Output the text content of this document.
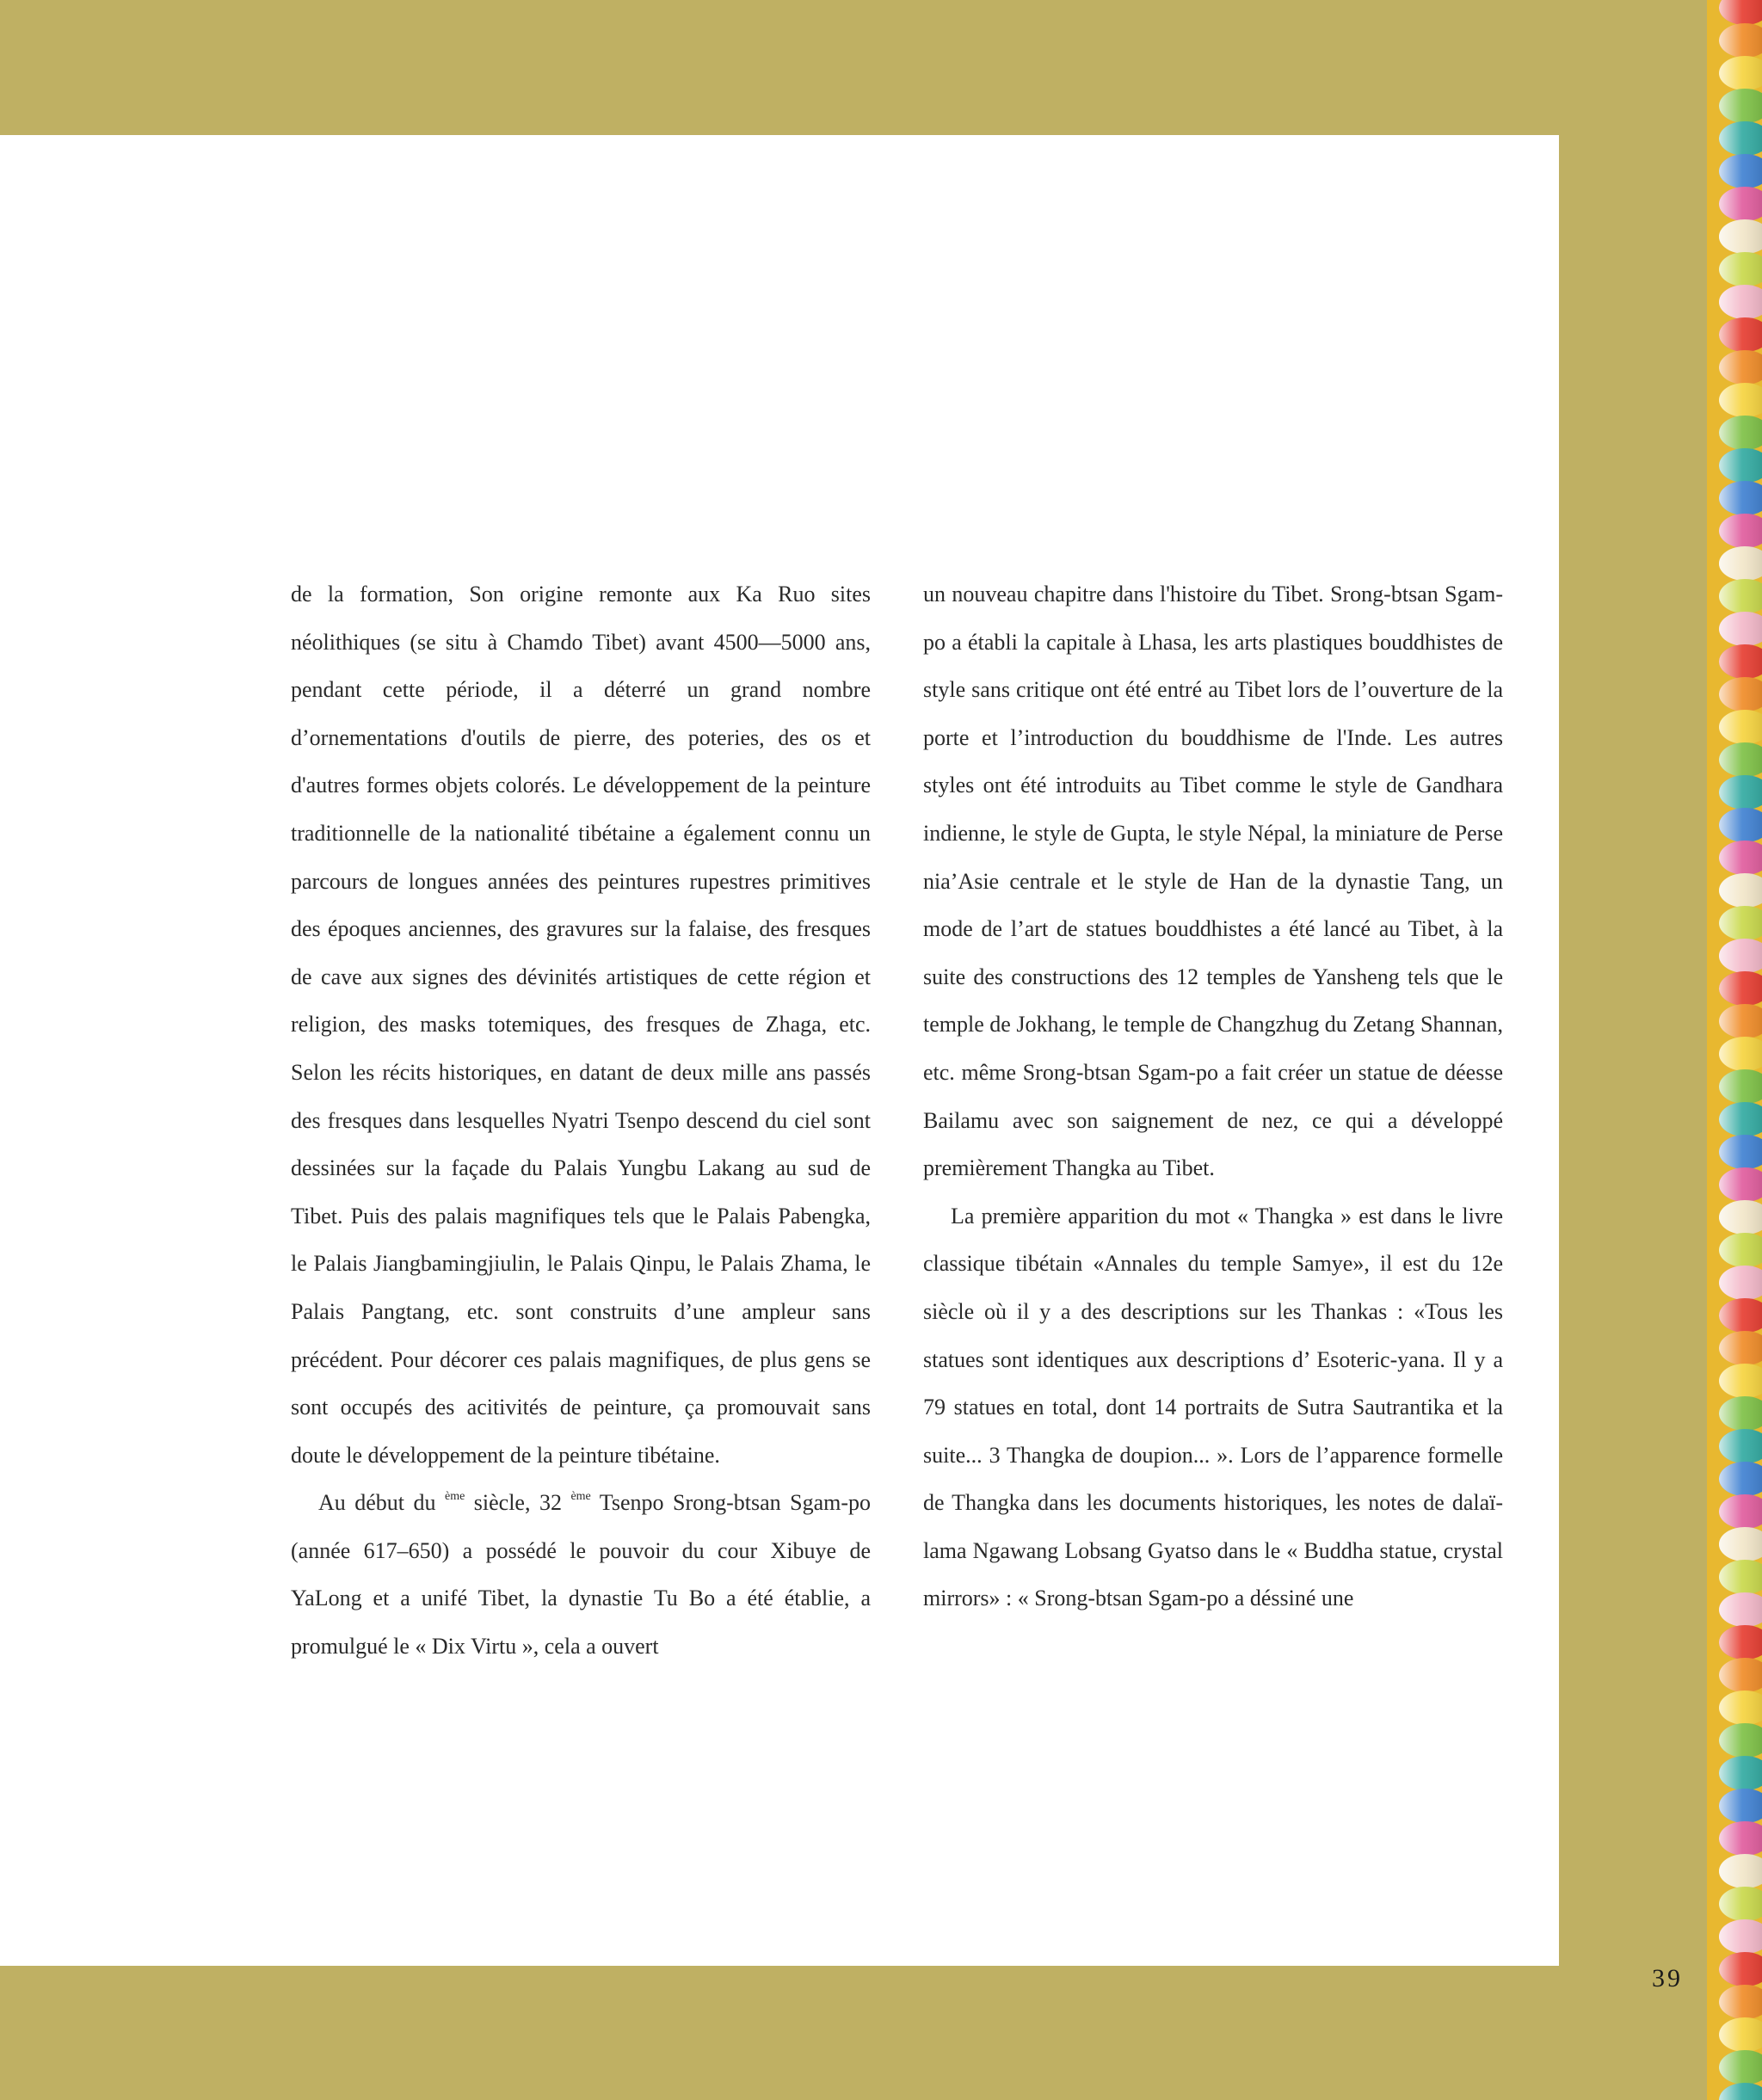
de la formation, Son origine remonte aux Ka Ruo sites néolithiques (se situ à Chamdo Tibet) avant 4500—5000 ans, pendant cette période, il a déterré un grand nombre d’ornementations d'outils de pierre, des poteries, des os et d'autres formes objets colorés. Le développement de la peinture traditionnelle de la nationalité tibétaine a également connu un parcours de longues années des peintures rupestres primitives des époques anciennes, des gravures sur la falaise, des fresques de cave aux signes des dévinités artistiques de cette région et religion, des masks totemiques, des fresques de Zhaga, etc. Selon les récits historiques, en datant de deux mille ans passés des fresques dans lesquelles Nyatri Tsenpo descend du ciel sont dessinées sur la façade du Palais Yungbu Lakang au sud de Tibet. Puis des palais magnifiques tels que le Palais Pabengka, le Palais Jiangbamingjiulin, le Palais Qinpu, le Palais Zhama, le Palais Pangtang, etc. sont construits d’une ampleur sans précédent. Pour décorer ces palais magnifiques, de plus gens se sont occupés des acitivités de peinture, ça promouvait sans doute le développement de la peinture tibétaine.

Au début du $^{ème}$ siècle, 32 $^{ème}$ Tsenpo Srong-btsan Sgam-po (année 617–650) a possédé le pouvoir du cour Xibuye de YaLong et a unifé Tibet, la dynastie Tu Bo a été établie, a promulgué le « Dix Virtu », cela a ouvert

un nouveau chapitre dans l'histoire du Tibet. Srong-btsan Sgam-po a établi la capitale à Lhasa, les arts plastiques bouddhistes de style sans critique ont été entré au Tibet lors de l’ouverture de la porte et l’introduction du bouddhisme de l'Inde. Les autres styles ont été introduits au Tibet comme le style de Gandhara indienne, le style de Gupta, le style Népal, la miniature de Perse nia’Asie centrale et le style de Han de la dynastie Tang, un mode de l’art de statues bouddhistes a été lancé au Tibet, à la suite des constructions des 12 temples de Yansheng tels que le temple de Jokhang, le temple de Changzhug du Zetang Shannan, etc. même Srong-btsan Sgam-po a fait créer un statue de déesse Bailamu avec son saignement de nez, ce qui a développé premièrement Thangka au Tibet.

La première apparition du mot « Thangka » est dans le livre classique tibétain «Annales du temple Samye», il est du 12e siècle où il y a des descriptions sur les Thankas : «Tous les statues sont identiques aux descriptions d’ Esoteric-yana. Il y a 79 statues en total, dont 14 portraits de Sutra Sautrantika et la suite... 3 Thangka de doupion... ». Lors de l’apparence formelle de Thangka dans les documents historiques, les notes de dalaï-lama Ngawang Lobsang Gyatso dans le « Buddha statue, crystal mirrors» : « Srong-btsan Sgam-po a déssiné une

39
